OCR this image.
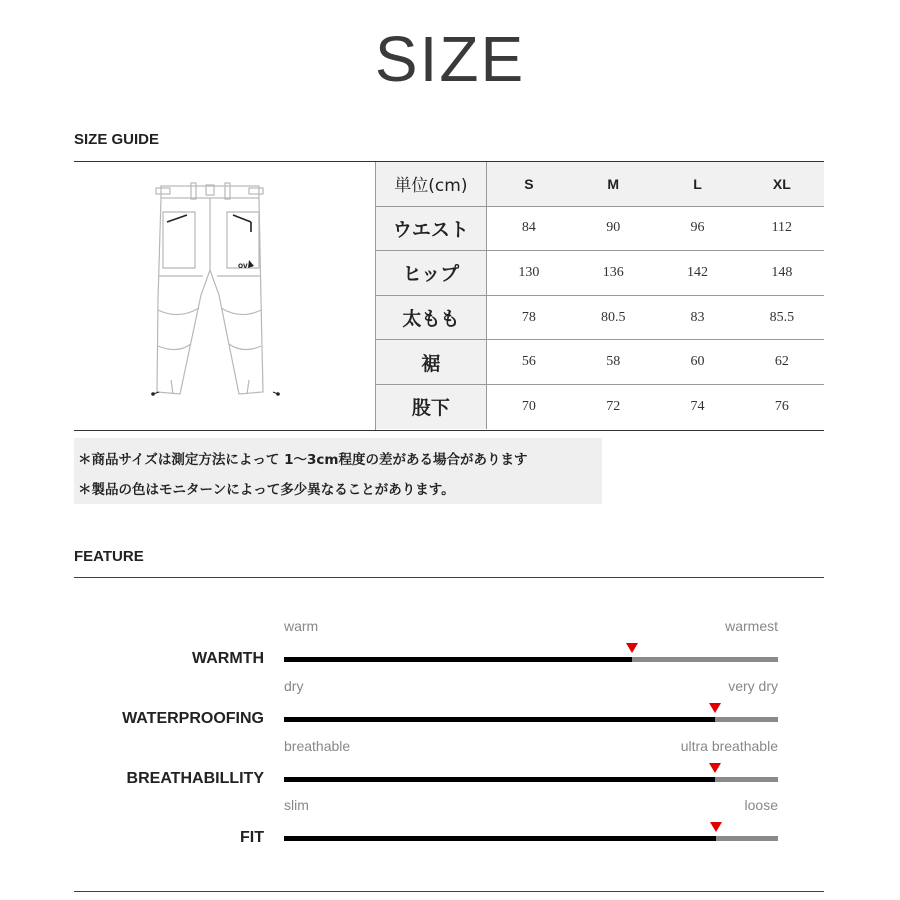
SIZE
SIZE GUIDE
OV
単位(cm)	S	M	L	XL
ウエスト	84	90	96	112
ヒップ	130	136	142	148
太もも	78	80.5	83	85.5
裾	56	58	60	62
股下	70	72	74	76
＊商品サイズは測定方法によって 1〜3cm程度の差がある場合があります
＊製品の色はモニターンによって多少異なることがあります。
FEATURE
WARMTH
warm	warmest
WATERPROOFING
dry	very dry
BREATHABILLITY
breathable	ultra breathable
FIT
slim	loose
